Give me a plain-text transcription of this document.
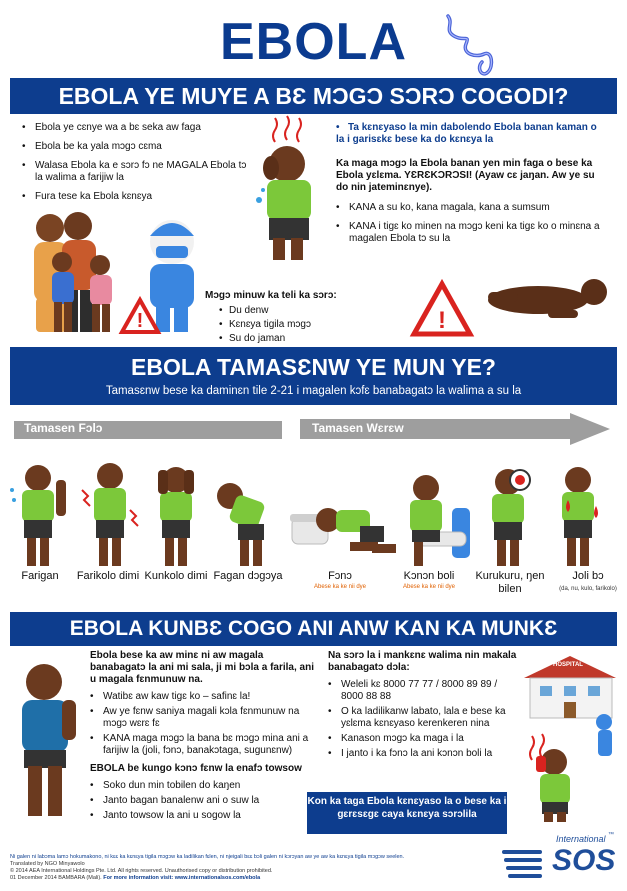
EBOLA
EBOLA YE MUYE A BƐ MƆGƆ SƆRƆ COGODI?
• Ebola ye cɛnye wa a bɛ seka aw faga
• Ebola be ka yala mɔgɔ cɛma
• Walasa Ebola ka e sɔrɔ fɔ ne MAGALA Ebola tɔ la walima a farijiw la
• Fura tese ka Ebola kɛnɛya
!
• Ta kɛnɛyaso la min dabolendo Ebola banan kaman o la i garisɛkɛ bese ka do kɛnɛya la
Ka maga mɔgɔ la Ebola banan yen min faga o bese ka Ebola yɛlɛma. YƐRƐKƆRƆSI! (Ayaw cɛ jaŋan. Aw ye su do nin jateminɛnye).
• KANA a su ko, kana magala, kana a sumsum
• KANA i tigɛ ko minen na mɔgɔ keni ka tigɛ ko o minɛna a magalen Ebola tɔ su la
Mɔgɔ minuw ka teli ka sɔrɔ:
• Du denw
• Kɛnɛya tigila mɔgɔ
• Su do jaman
!
EBOLA TAMASƐNW YE MUN YE?
Tamasɛnw bese ka daminɛn tile 2-21 i magalen kɔfɛ banabagatɔ la walima a su la
Tamasen Fɔlɔ	Tamasen Wɛrɛw
Farigan	Farikolo dimi Kunkolo dimi Fagan dɔgɔya	Fɔnɔ
Abese ka ke nii dye
Kɔnɔn boli
Abese ka ke nii dye
Kurukuru, ŋen bilen
Joli bɔ
(da, nu, kulo, farikolo)
EBOLA KUNBƐ COGO ANI ANW KAN KA MUNKƐ
Ebola bese ka aw minɛ ni aw magala banabagatɔ la ani mi sala, ji mi bɔla a farila, ani u magala fɛnmunuw na.
• Watibɛ aw kaw tigɛ ko – safinɛ la!
• Aw ye fɛnw saniya magali kɔla fɛnmunuw na mɔgɔ wɛrɛ fɛ
• KANA maga mɔgɔ la bana bɛ mɔgɔ mina ani a farijiw la (joli, fɔnɔ, banakɔtaga, sugunɛnw)
EBOLA be kungo kɔnɔ fɛnw la enafɔ towsow
• Soko dun min tobilen do kaŋen
• Janto bagan banalenw ani o suw la
• Janto towsow la ani u sogow la
Na sɔrɔ la i mankɛnɛ walima nin makala banabagatɔ dɔla:
• Weleli kɛ 8000 77 77 / 8000 89 89 / 8000 88 88
• O ka ladilikanw labato, lala e bese ka yɛlɛma kɛnɛyaso kerenkeren nina
• Kanason mɔgɔ ka maga i la
• I janto i ka fɔnɔ la ani kɔnɔn boli la
HOSPITAL
Kon ka taga Ebola kɛnɛyaso la o bese ka i gɛrɛsɛgɛ caya kɛnɛya sɔrɔlila
Ni galen ni labɔma lamɔ hokumakono, ni kɛɛ ka kɛnɛya tigila mɔgɔw ka ladilikan fɛlen, ni njeigali bɛɛ bɔli galen ni kɔrɔyan aw ye aw ka kɛnɛya tigila mɔgɔw seelen.
Translated by NGO Minyawolo
© 2014 AEA International Holdings Pte. Ltd. All rights reserved. Unauthorised copy or distribution prohibited.
01 December 2014 BAMBARA (Mali). For more information visit: www.internationalsos.com/ebola
International
SOS
™
